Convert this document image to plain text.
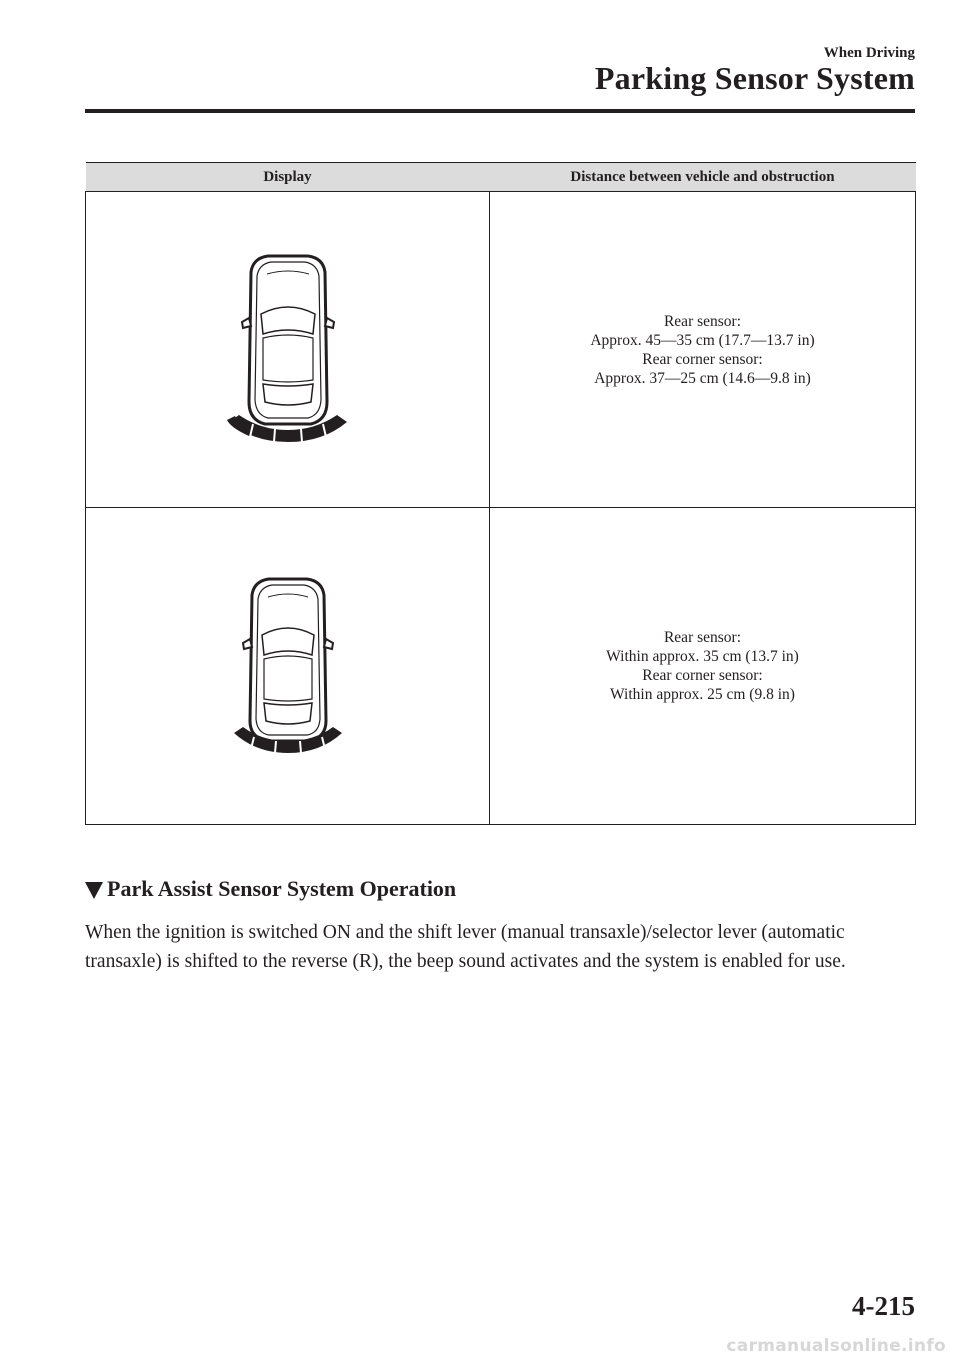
When Driving
Parking Sensor System
Display	Distance between vehicle and obstruction

Rear sensor:
Approx. 45—35 cm (17.7—13.7 in)
Rear corner sensor:
Approx. 37—25 cm (14.6—9.8 in)

Rear sensor:
Within approx. 35 cm (13.7 in)
Rear corner sensor:
Within approx. 25 cm (9.8 in)
Park Assist Sensor System Operation
When the ignition is switched ON and the shift lever (manual transaxle)/selector lever (automatic transaxle) is shifted to the reverse (R), the beep sound activates and the system is enabled for use.
4-215
carmanualsonline.info
